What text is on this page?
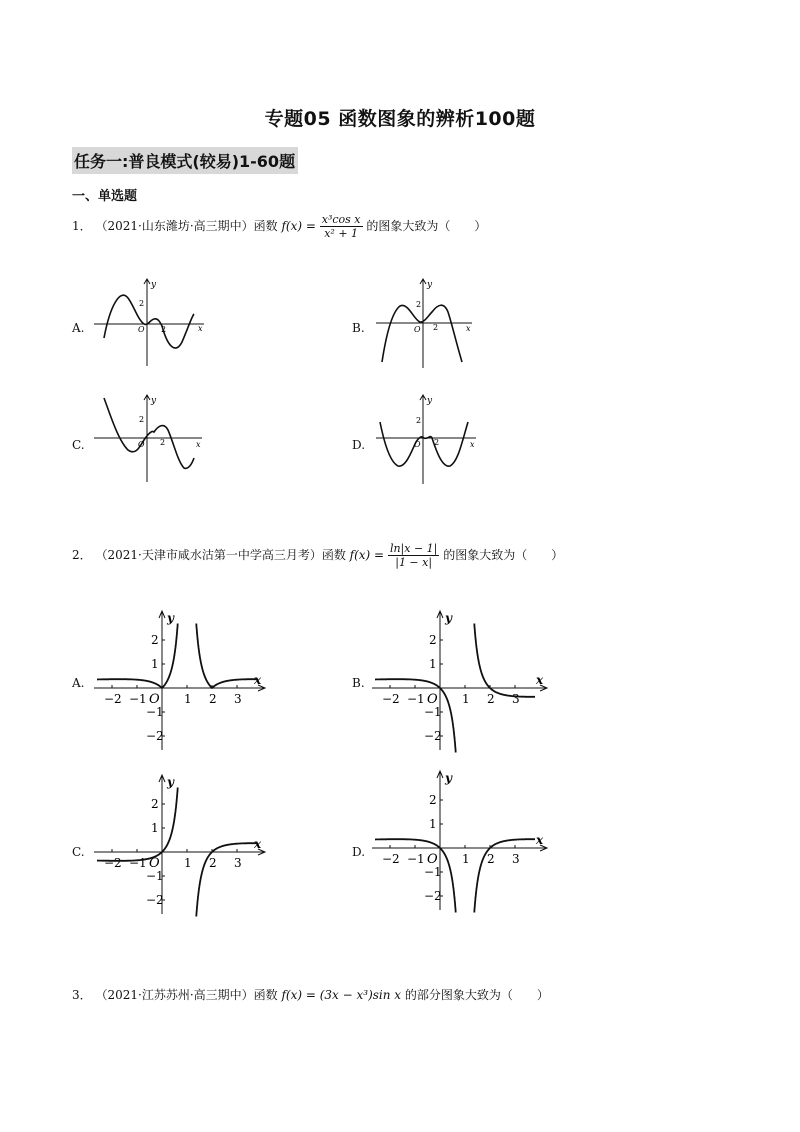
专题05 函数图象的辨析100题
任务一:普良模式(较易)1-60题
一、单选题
1． （2021·山东潍坊·高三期中）函数 $f(x) = \frac{\text{x³cos x}}{\text{x² + 1}}$ 的图象大致为（　　）
A.	B.
C.	D.
y
2
O 2	x
y
2
O 2	x
y
2
O 2	x
y
2
O 2	x
2． （2021·天津市咸水沽第一中学高三月考）函数 $f(x) = \frac{\ln|x - 1|}{|1 - x|}$ 的图象大致为（　　）
A.	B.
C.	D.
−2 −1	1 2 3
2
1
−1
−2
O
x
y
−2 −1	1 2 3
2
1
−1
−2
O
x
y
−2 −1	1 2 3
2
1
−1
−2
O
x
y
−2 −1	1 2 3
2
1
−1
−2
O
x
y
3． （2021·江苏苏州·高三期中）函数 f(x) = (3x − x³)sin x 的部分图象大致为（　　）
